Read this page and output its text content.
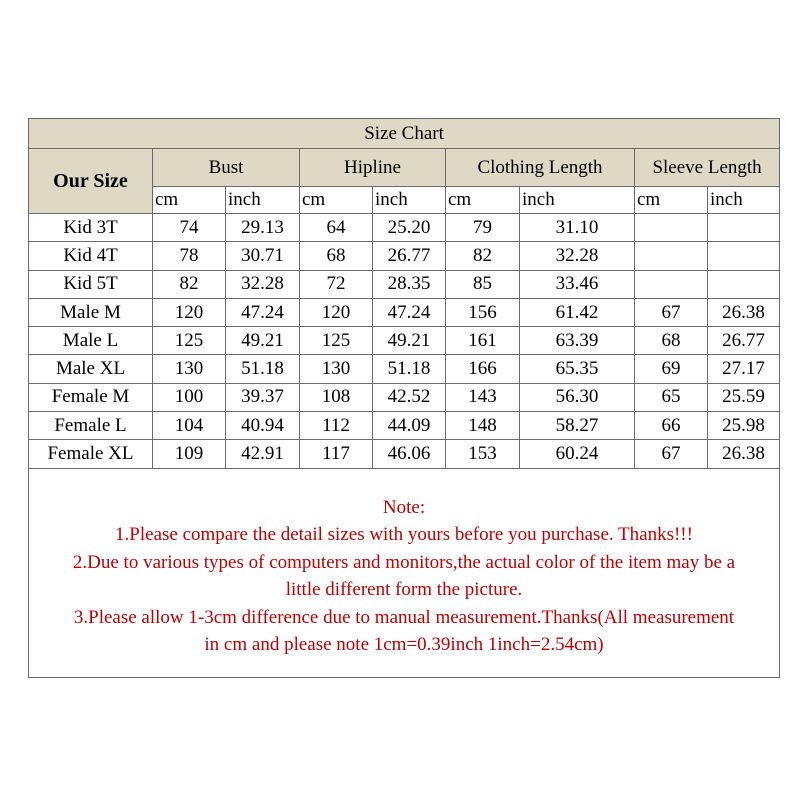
Size Chart								
Our Size	Bust		Hipline		Clothing Length		Sleeve Length	
	cm	inch	cm	inch	cm	inch	cm	inch
Kid 3T	74	29.13	64	25.20	79	31.10		
Kid 4T	78	30.71	68	26.77	82	32.28		
Kid 5T	82	32.28	72	28.35	85	33.46		
Male M	120	47.24	120	47.24	156	61.42	67	26.38
Male L	125	49.21	125	49.21	161	63.39	68	26.77
Male XL	130	51.18	130	51.18	166	65.35	69	27.17
Female M	100	39.37	108	42.52	143	56.30	65	25.59
Female L	104	40.94	112	44.09	148	58.27	66	25.98
Female XL	109	42.91	117	46.06	153	60.24	67	26.38
Note:
1.Please compare the detail sizes with yours before you purchase. Thanks!!!
2.Due to various types of computers and monitors,the actual color of the item may be a
little different form the picture.
3.Please allow 1-3cm difference due to manual measurement.Thanks(All measurement
in cm and please note 1cm=0.39inch 1inch=2.54cm)
